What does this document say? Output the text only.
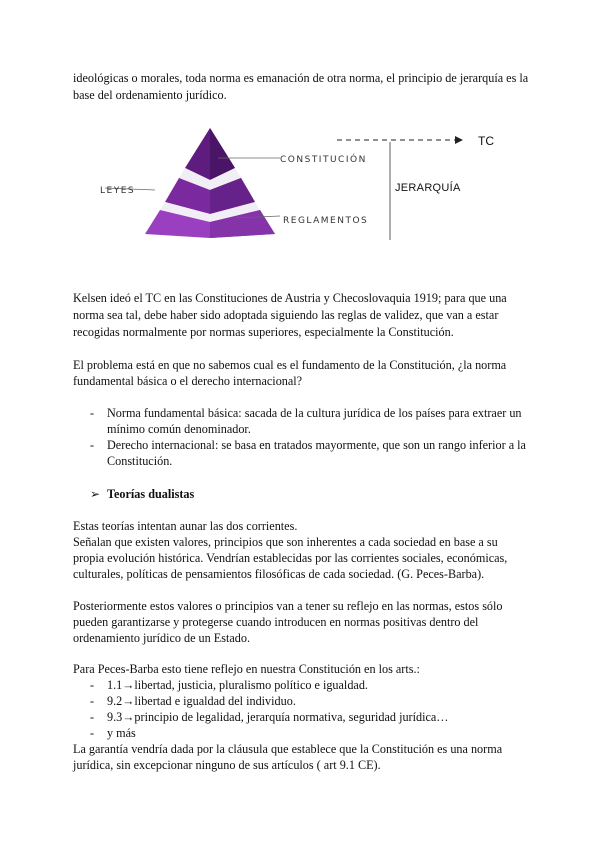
ideológicas o morales, toda norma es emanación de otra norma, el principio de jerarquía es la
base del ordenamiento jurídico.
CONSTITUCIÓN
LEYES
REGLAMENTOS
TC
JERARQUÍA
Kelsen ideó el TC en las Constituciones de Austria y Checoslovaquia 1919; para que una
norma sea tal, debe haber sido adoptada siguiendo las reglas de validez, que van a estar
recogidas normalmente por normas superiores, especialmente la Constitución.
El problema está en que no sabemos cual es el fundamento de la Constitución, ¿la norma
fundamental básica o el derecho internacional?
- Norma fundamental básica: sacada de la cultura jurídica de los países para extraer un
mínimo común denominador.
- Derecho internacional: se basa en tratados mayormente, que son un rango inferior a la
Constitución.
➢ Teorías dualistas
Estas teorías intentan aunar las dos corrientes.
Señalan que existen valores, principios que son inherentes a cada sociedad en base a su
propia evolución histórica. Vendrían establecidas por las corrientes sociales, económicas,
culturales, políticas de pensamientos filosóficas de cada sociedad. (G. Peces-Barba).
Posteriormente estos valores o principios van a tener su reflejo en las normas, estos sólo
pueden garantizarse y protegerse cuando introducen en normas positivas dentro del
ordenamiento jurídico de un Estado.
Para Peces-Barba esto tiene reflejo en nuestra Constitución en los arts.:
- 1.1→libertad, justicia, pluralismo político e igualdad.
- 9.2→libertad e igualdad del individuo.
- 9.3→principio de legalidad, jerarquía normativa, seguridad jurídica…
- y más
La garantía vendría dada por la cláusula que establece que la Constitución es una norma
jurídica, sin excepcionar ninguno de sus artículos ( art 9.1 CE).
